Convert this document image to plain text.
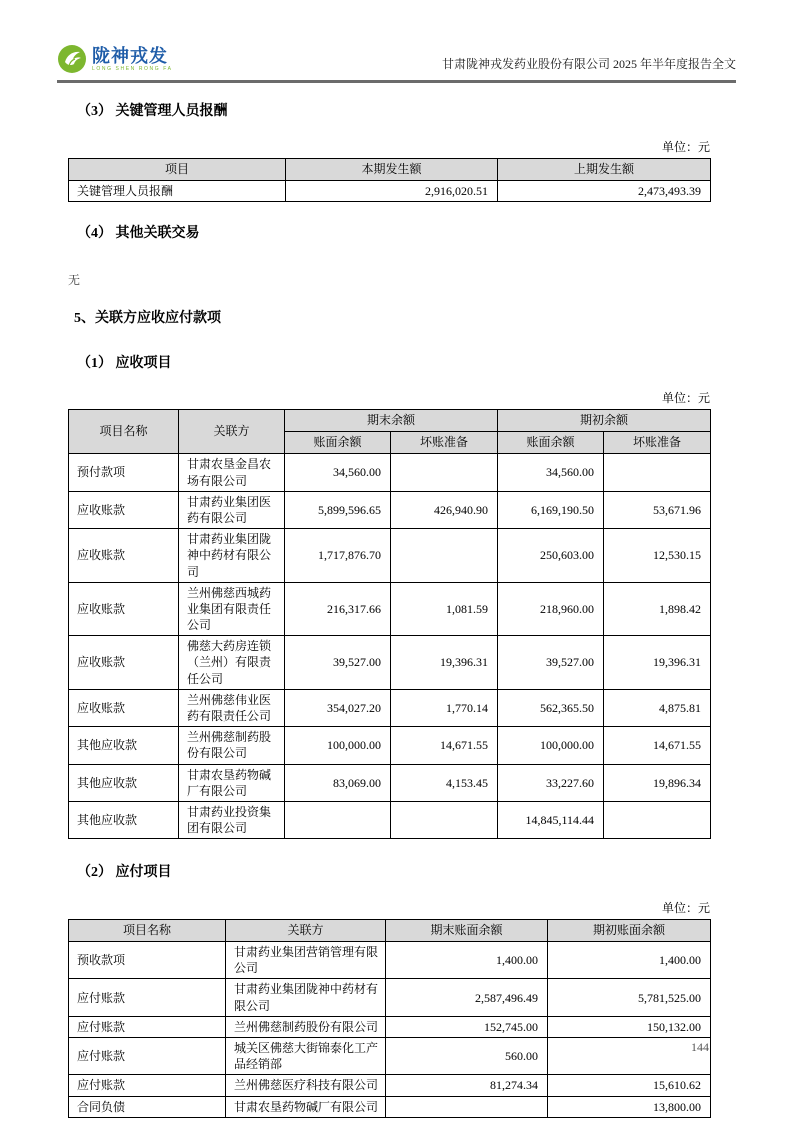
陇神戎发
LONG SHEN RONG FA	甘肃陇神戎发药业股份有限公司 2025 年半年度报告全文
（3） 关键管理人员报酬
单位：元
项目	本期发生额	上期发生额
关键管理人员报酬	2,916,020.51	2,473,493.39
（4） 其他关联交易

无

5、关联方应收应付款项
（1） 应收项目
单位：元
项目名称	关联方	期末余额		期初余额	
		账面余额	坏账准备	账面余额	坏账准备
预付款项	甘肃农垦金昌农场有限公司	34,560.00		34,560.00	
应收账款	甘肃药业集团医药有限公司	5,899,596.65	426,940.90	6,169,190.50	53,671.96
应收账款	甘肃药业集团陇神中药材有限公司	1,717,876.70		250,603.00	12,530.15
应收账款	兰州佛慈西城药业集团有限责任公司	216,317.66	1,081.59	218,960.00	1,898.42
应收账款	佛慈大药房连锁（兰州）有限责任公司	39,527.00	19,396.31	39,527.00	19,396.31
应收账款	兰州佛慈伟业医药有限责任公司	354,027.20	1,770.14	562,365.50	4,875.81
其他应收款	兰州佛慈制药股份有限公司	100,000.00	14,671.55	100,000.00	14,671.55
其他应收款	甘肃农垦药物碱厂有限公司	83,069.00	4,153.45	33,227.60	19,896.34
其他应收款	甘肃药业投资集团有限公司			14,845,114.44	
（2） 应付项目
单位：元
项目名称	关联方	期末账面余额	期初账面余额
预收款项	甘肃药业集团营销管理有限公司	1,400.00	1,400.00
应付账款	甘肃药业集团陇神中药材有限公司	2,587,496.49	5,781,525.00
应付账款	兰州佛慈制药股份有限公司	152,745.00	150,132.00
应付账款	城关区佛慈大街锦泰化工产品经销部	560.00	
应付账款	兰州佛慈医疗科技有限公司	81,274.34	15,610.62
合同负债	甘肃农垦药物碱厂有限公司		13,800.00
144
